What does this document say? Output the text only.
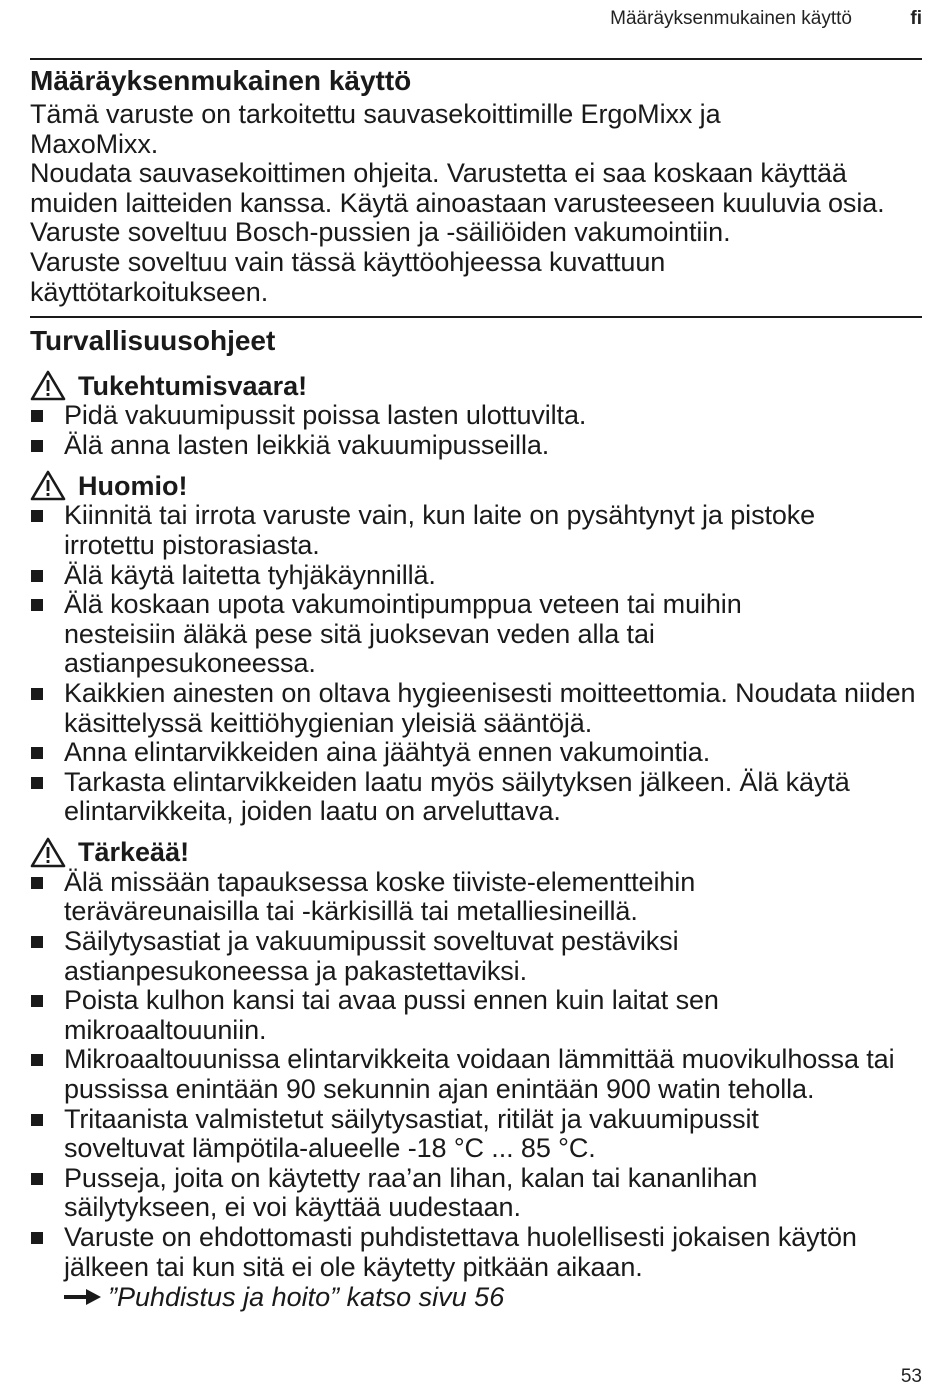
Määräyksenmukainen käyttö	fi
Määräyksenmukainen käyttö

Tämä varuste on tarkoitettu sauvasekoittimille ErgoMixx ja MaxoMixx.

Noudata sauvasekoittimen ohjeita. Varustetta ei saa koskaan käyttää muiden laitteiden kanssa. Käytä ainoastaan varusteeseen kuuluvia osia. Varuste soveltuu Bosch-pussien ja -säiliöiden vakumointiin.

Varuste soveltuu vain tässä käyttöohjeessa kuvattuun käyttötarkoitukseen.

Turvallisuusohjeet
Tukehtumisvaara!
Pidä vakuumipussit poissa lasten ulottuvilta.
Älä anna lasten leikkiä vakuumipusseilla.
Huomio!
Kiinnitä tai irrota varuste vain, kun laite on pysähtynyt ja pistoke irrotettu pistorasiasta.
Älä käytä laitetta tyhjäkäynnillä.
Älä koskaan upota vakumointipumppua veteen tai muihin nesteisiin äläkä pese sitä juoksevan veden alla tai astianpesukoneessa.
Kaikkien ainesten on oltava hygieenisesti moitteettomia. Noudata niiden käsittelyssä keittiöhygienian yleisiä sääntöjä.
Anna elintarvikkeiden aina jäähtyä ennen vakumointia.
Tarkasta elintarvikkeiden laatu myös säilytyksen jälkeen. Älä käytä elintarvikkeita, joiden laatu on arveluttava.
Tärkeää!
Älä missään tapauksessa koske tiiviste-elementteihin teräväreunaisilla tai -kärkisillä tai metalliesineillä.
Säilytysastiat ja vakuumipussit soveltuvat pestäviksi astianpesukoneessa ja pakastettaviksi.
Poista kulhon kansi tai avaa pussi ennen kuin laitat sen mikroaaltouuniin.
Mikroaaltouunissa elintarvikkeita voidaan lämmittää muovikulhossa tai pussissa enintään 90 sekunnin ajan enintään 900 watin teholla.
Tritaanista valmistetut säilytysastiat, ritilät ja vakuumipussit soveltuvat lämpötila-alueelle -18 °C ... 85 °C.
Pusseja, joita on käytetty raa’an lihan, kalan tai kananlihan säilytykseen, ei voi käyttää uudestaan.
Varuste on ehdottomasti puhdistettava huolellisesti jokaisen käytön jälkeen tai kun sitä ei ole käytetty pitkään aikaan.
”Puhdistus ja hoito” katso sivu 56
53
